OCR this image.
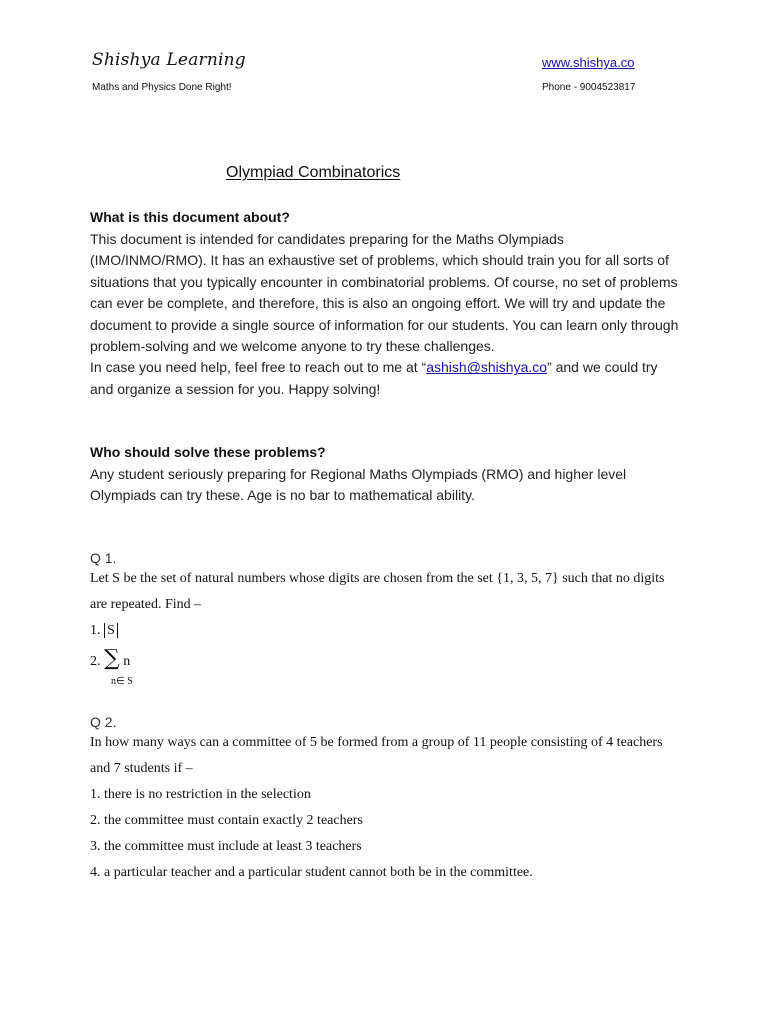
Shishya Learning
Maths and Physics Done Right!
www.shishya.co
Phone - 9004523817
Olympiad Combinatorics
What is this document about?

This document is intended for candidates preparing for the Maths Olympiads (IMO/INMO/RMO). It has an exhaustive set of problems, which should train you for all sorts of situations that you typically encounter in combinatorial problems. Of course, no set of problems can ever be complete, and therefore, this is also an ongoing effort. We will try and update the document to provide a single source of information for our students. You can learn only through problem-solving and we welcome anyone to try these challenges.

In case you need help, feel free to reach out to me at “ashish@shishya.co” and we could try and organize a session for you. Happy solving!

Who should solve these problems?

Any student seriously preparing for Regional Maths Olympiads (RMO) and higher level Olympiads can try these. Age is no bar to mathematical ability.

Q 1.
Let S be the set of natural numbers whose digits are chosen from the set {1, 3, 5, 7} such that no digits
are repeated. Find –
1. S
2. ∑ n
n∈ S
Q 2.
In how many ways can a committee of 5 be formed from a group of 11 people consisting of 4 teachers
and 7 students if –
1. there is no restriction in the selection
2. the committee must contain exactly 2 teachers
3. the committee must include at least 3 teachers
4. a particular teacher and a particular student cannot both be in the committee.
